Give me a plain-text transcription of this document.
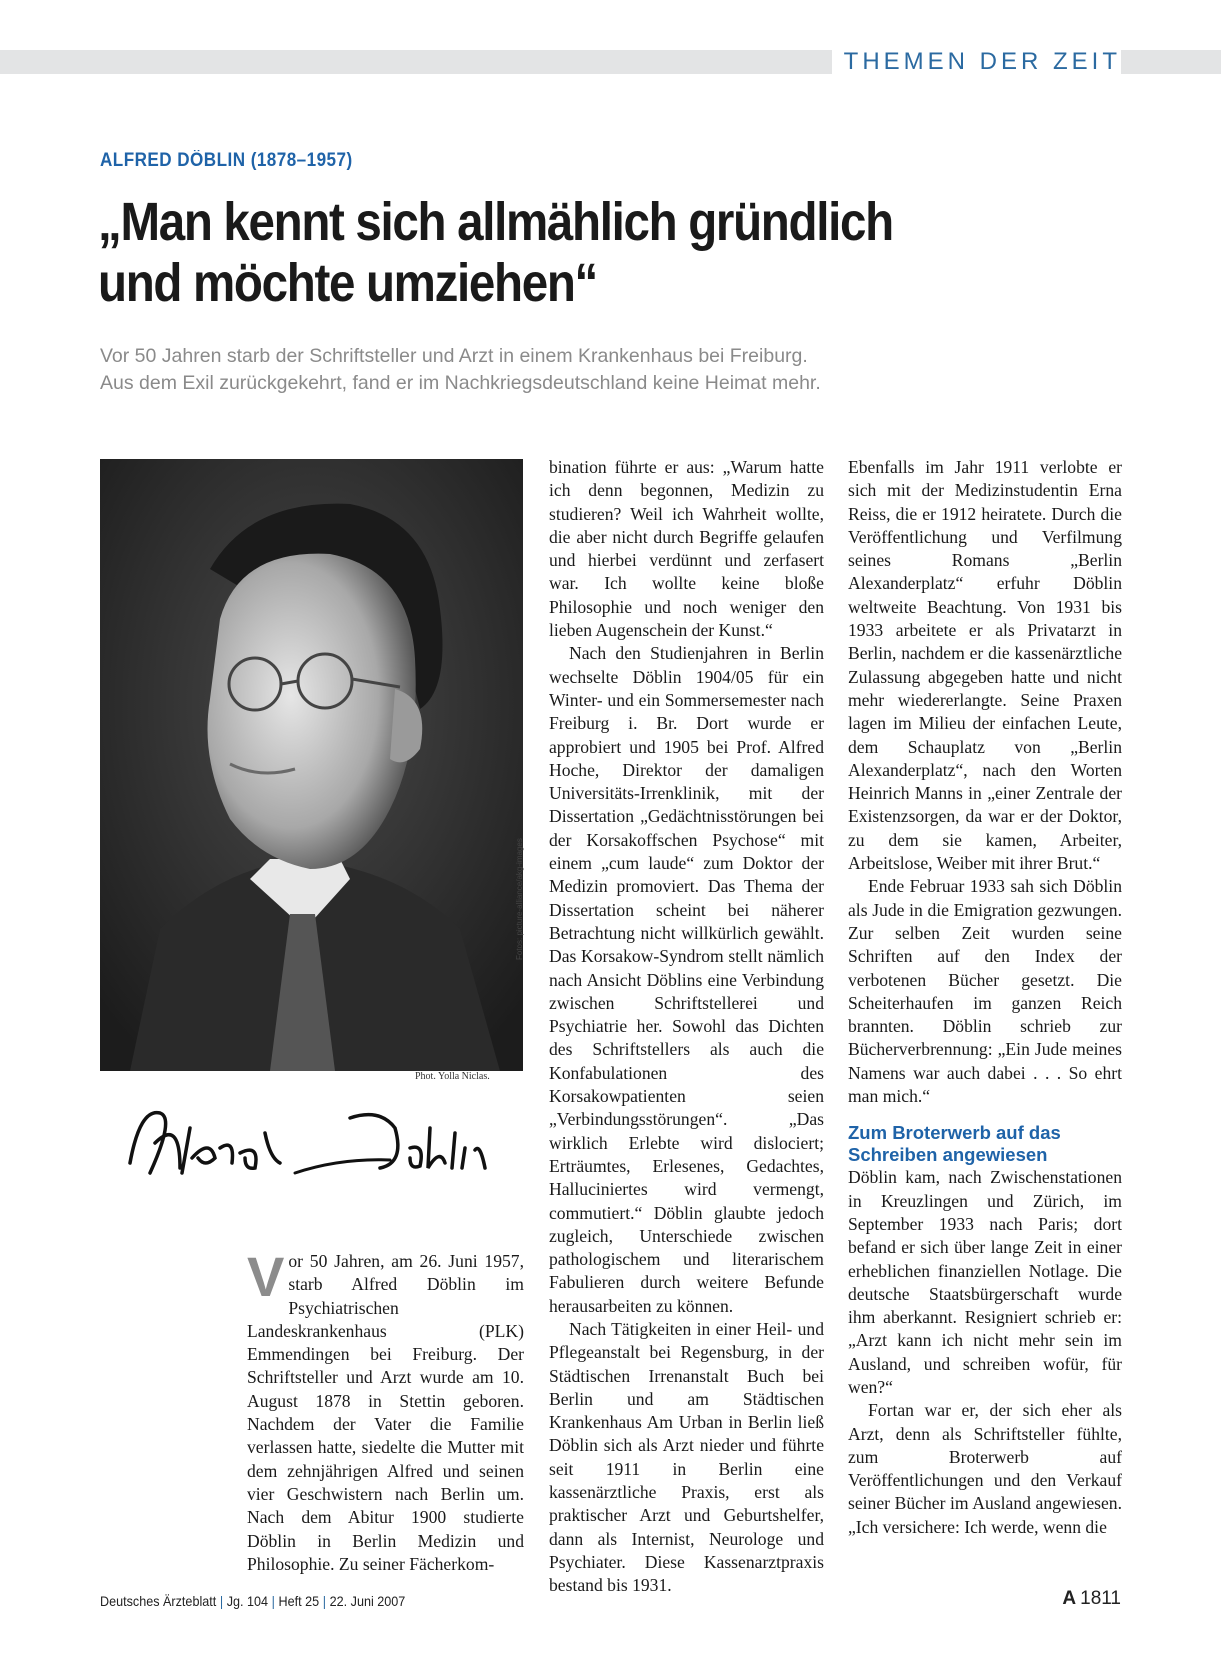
THEMEN DER ZEIT
ALFRED DÖBLIN (1878–1957)
„Man kennt sich allmählich gründlich
und möchte umziehen“

Vor 50 Jahren starb der Schriftsteller und Arzt in einem Krankenhaus bei Freiburg.
Aus dem Exil zurückgekehrt, fand er im Nachkriegsdeutschland keine Heimat mehr.

Fotos: picture-alliance/akg-images
Phot. Yolla Niclas.

Vor 50 Jahren, am 26. Juni 1957, starb Alfred Döblin im Psychiatrischen Landeskrankenhaus (PLK) Emmendingen bei Freiburg. Der Schriftsteller und Arzt wurde am 10. August 1878 in Stettin geboren. Nachdem der Vater die Familie verlassen hatte, siedelte die Mutter mit dem zehnjährigen Alfred und seinen vier Geschwistern nach Berlin um. Nach dem Abitur 1900 studierte Döblin in Berlin Medizin und Philosophie. Zu seiner Fächerkom-

bination führte er aus: „Warum hatte ich denn begonnen, Medizin zu studieren? Weil ich Wahrheit wollte, die aber nicht durch Begriffe gelaufen und hierbei verdünnt und zerfasert war. Ich wollte keine bloße Philosophie und noch weniger den lieben Augenschein der Kunst.“

Nach den Studienjahren in Berlin wechselte Döblin 1904/05 für ein Winter- und ein Sommersemester nach Freiburg i. Br. Dort wurde er approbiert und 1905 bei Prof. Alfred Hoche, Direktor der damaligen Universitäts-Irrenklinik, mit der Dissertation „Gedächtnisstörungen bei der Korsakoffschen Psychose“ mit einem „cum laude“ zum Doktor der Medizin promoviert. Das Thema der Dissertation scheint bei näherer Betrachtung nicht willkürlich gewählt. Das Korsakow-Syndrom stellt nämlich nach Ansicht Döblins eine Verbindung zwischen Schriftstellerei und Psychiatrie her. Sowohl das Dichten des Schriftstellers als auch die Konfabulationen des Korsakowpatienten seien „Verbindungsstörungen“. „Das wirklich Erlebte wird dislociert; Erträumtes, Erlesenes, Gedachtes, Halluciniertes wird vermengt, commutiert.“ Döblin glaubte jedoch zugleich, Unterschiede zwischen pathologischem und literarischem Fabulieren durch weitere Befunde herausarbeiten zu können.

Nach Tätigkeiten in einer Heil- und Pflegeanstalt bei Regensburg, in der Städtischen Irrenanstalt Buch bei Berlin und am Städtischen Krankenhaus Am Urban in Berlin ließ Döblin sich als Arzt nieder und führte seit 1911 in Berlin eine kassenärztliche Praxis, erst als praktischer Arzt und Geburtshelfer, dann als Internist, Neurologe und Psychiater. Diese Kassenarztpraxis bestand bis 1931.

Ebenfalls im Jahr 1911 verlobte er sich mit der Medizinstudentin Erna Reiss, die er 1912 heiratete. Durch die Veröffentlichung und Verfilmung seines Romans „Berlin Alexanderplatz“ erfuhr Döblin weltweite Beachtung. Von 1931 bis 1933 arbeitete er als Privatarzt in Berlin, nachdem er die kassenärztliche Zulassung abgegeben hatte und nicht mehr wiedererlangte. Seine Praxen lagen im Milieu der einfachen Leute, dem Schauplatz von „Berlin Alexanderplatz“, nach den Worten Heinrich Manns in „einer Zentrale der Existenzsorgen, da war er der Doktor, zu dem sie kamen, Arbeiter, Arbeitslose, Weiber mit ihrer Brut.“

Ende Februar 1933 sah sich Döblin als Jude in die Emigration gezwungen. Zur selben Zeit wurden seine Schriften auf den Index der verbotenen Bücher gesetzt. Die Scheiterhaufen im ganzen Reich brannten. Döblin schrieb zur Bücherverbrennung: „Ein Jude meines Namens war auch dabei . . . So ehrt man mich.“

Zum Broterwerb auf das Schreiben angewiesen

Döblin kam, nach Zwischenstationen in Kreuzlingen und Zürich, im September 1933 nach Paris; dort befand er sich über lange Zeit in einer erheblichen finanziellen Notlage. Die deutsche Staatsbürgerschaft wurde ihm aberkannt. Resigniert schrieb er: „Arzt kann ich nicht mehr sein im Ausland, und schreiben wofür, für wen?“

Fortan war er, der sich eher als Arzt, denn als Schriftsteller fühlte, zum Broterwerb auf Veröffentlichungen und den Verkauf seiner Bücher im Ausland angewiesen. „Ich versichere: Ich werde, wenn die

Deutsches Ärzteblatt | Jg. 104 | Heft 25 | 22. Juni 2007	A 1811
